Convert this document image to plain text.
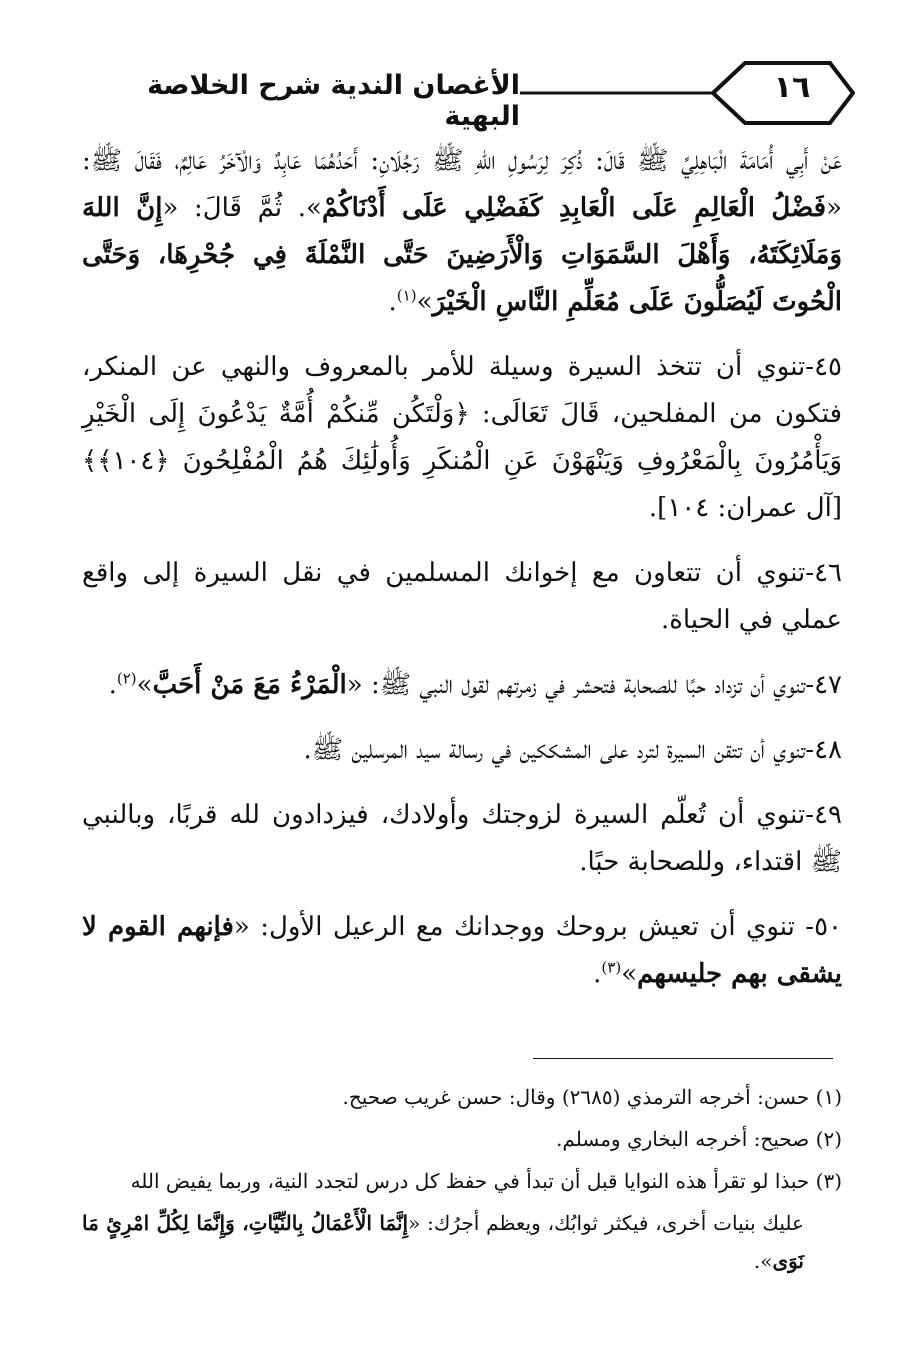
١٦
الأغصان الندية شرح الخلاصة البهية

عَنْ أَبِي أُمَامَةَ الْبَاهِلِيِّ ﷺ قَالَ: ذُكِرَ لِرَسُولِ اللهِ ﷺ رَجُلَانِ: أَحَدُهُمَا عَابِدٌ وَالْآخَرُ عَالِمٌ، فَقَالَ ﷺ: «فَضْلُ الْعَالِمِ عَلَى الْعَابِدِ كَفَضْلِي عَلَى أَدْنَاكُمْ». ثُمَّ قَالَ: «إِنَّ اللهَ وَمَلَائِكَتَهُ، وَأَهْلَ السَّمَوَاتِ وَالْأَرَضِينَ حَتَّى النَّمْلَةَ فِي جُحْرِهَا، وَحَتَّى الْحُوتَ لَيُصَلُّونَ عَلَى مُعَلِّمِ النَّاسِ الْخَيْرَ»$^{(١)}$.

٤٥-تنوي أن تتخذ السيرة وسيلة للأمر بالمعروف والنهي عن المنكر، فتكون من المفلحين، قَالَ تَعَالَى: ﴿وَلْتَكُن مِّنكُمْ أُمَّةٌ يَدْعُونَ إِلَى الْخَيْرِ وَيَأْمُرُونَ بِالْمَعْرُوفِ وَيَنْهَوْنَ عَنِ الْمُنكَرِ وَأُولَٰئِكَ هُمُ الْمُفْلِحُونَ ﴿١٠٤﴾﴾ [آل عمران: ١٠٤].

٤٦-تنوي أن تتعاون مع إخوانك المسلمين في نقل السيرة إلى واقع عملي في الحياة.

٤٧-تنوي أن تزداد حبًا للصحابة فتحشر في زمرتهم لقول النبي ﷺ: «الْمَرْءُ مَعَ مَنْ أَحَبَّ»$^{(٢)}$.

٤٨-تنوي أن تتقن السيرة لترد على المشككين في رسالة سيد المرسلين ﷺ.

٤٩-تنوي أن تُعلّم السيرة لزوجتك وأولادك، فيزدادون لله قربًا، وبالنبي ﷺ اقتداء، وللصحابة حبًا.

٥٠- تنوي أن تعيش بروحك ووجدانك مع الرعيل الأول: «فإنهم القوم لا يشقى بهم جليسهم»$^{(٣)}$.

(١) حسن: أخرجه الترمذي (٢٦٨٥) وقال: حسن غريب صحيح.
(٢) صحيح: أخرجه البخاري ومسلم.
(٣) حبذا لو تقرأ هذه النوايا قبل أن تبدأ في حفظ كل درس لتجدد النية، وربما يفيض الله
عليك بنيات أخرى، فيكثر ثوابُك، ويعظم أجرُك: «إِنَّمَا الْأَعْمَالُ بِالنِّيَّاتِ، وَإِنَّمَا لِكُلِّ امْرِئٍ مَا نَوَى».
